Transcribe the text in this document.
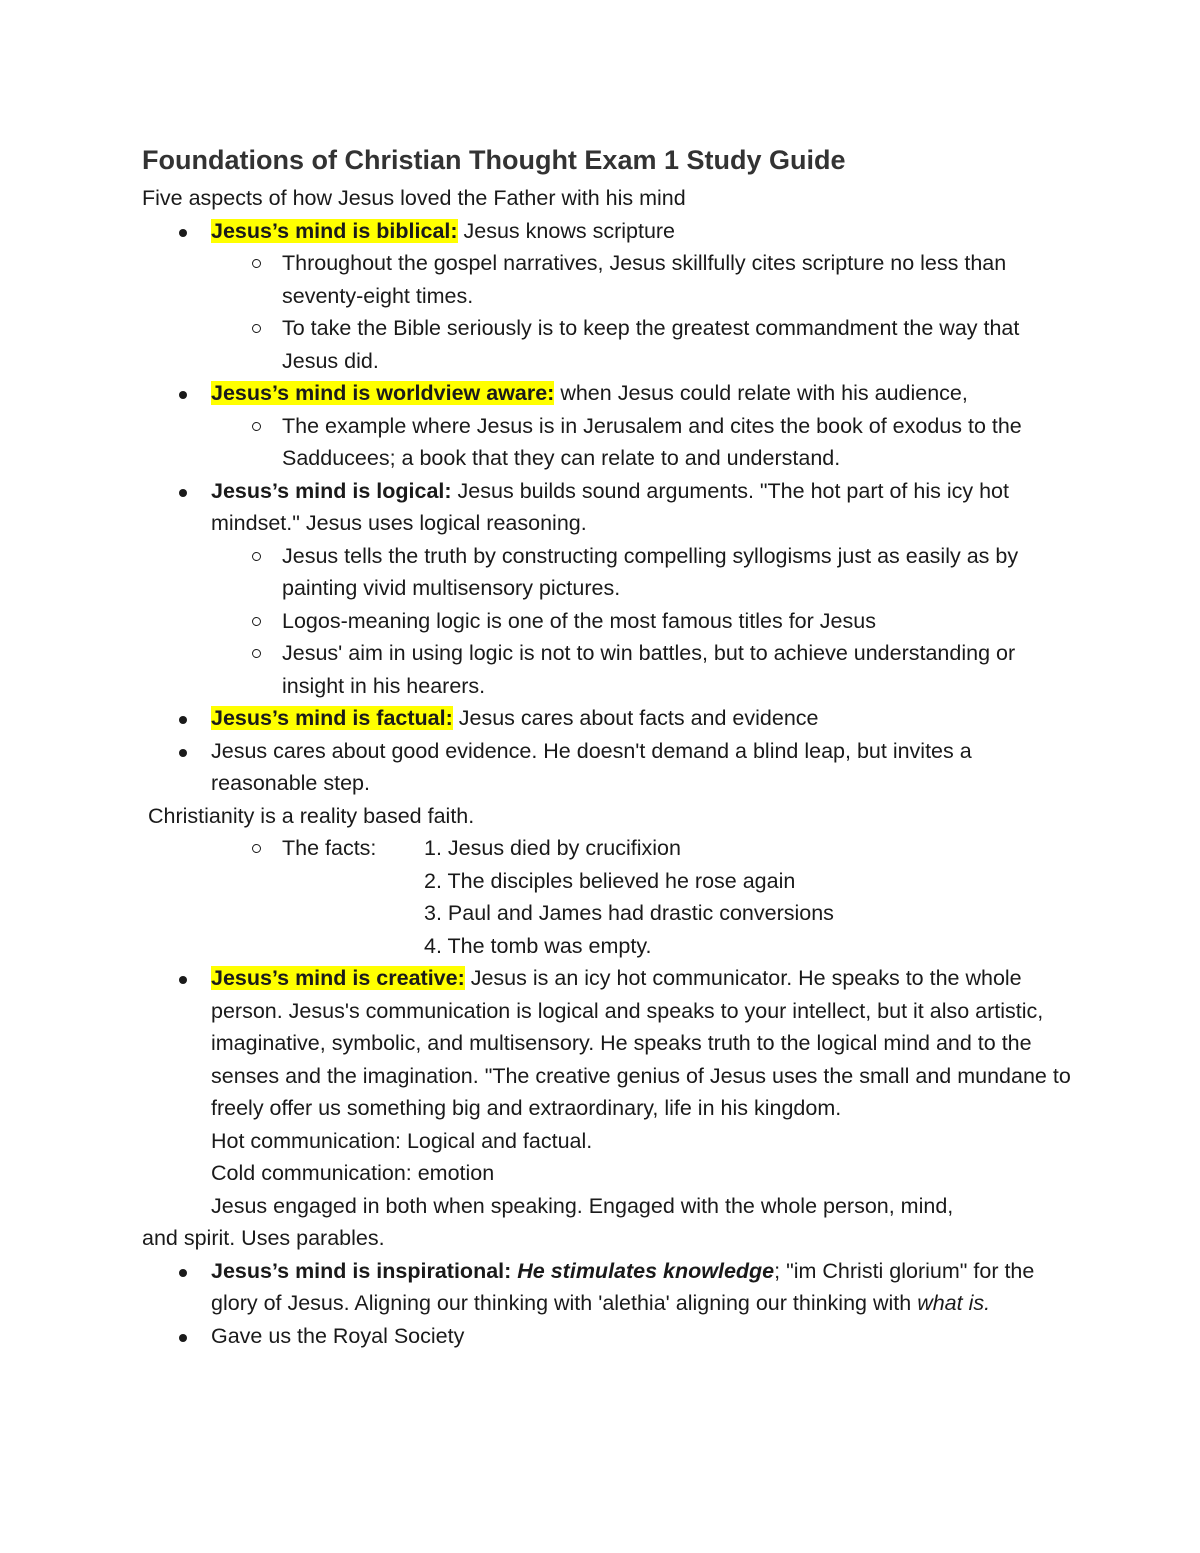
Foundations of Christian Thought Exam 1 Study Guide

Five aspects of how Jesus loved the Father with his mind

Jesus’s mind is biblical: Jesus knows scripture
Throughout the gospel narratives, Jesus skillfully cites scripture no less than seventy-eight times.
To take the Bible seriously is to keep the greatest commandment the way that Jesus did.
Jesus’s mind is worldview aware: when Jesus could relate with his audience,
The example where Jesus is in Jerusalem and cites the book of exodus to the Sadducees; a book that they can relate to and understand.
Jesus’s mind is logical: Jesus builds sound arguments. "The hot part of his icy hot mindset." Jesus uses logical reasoning.
Jesus tells the truth by constructing compelling syllogisms just as easily as by painting vivid multisensory pictures.
Logos-meaning logic is one of the most famous titles for Jesus
Jesus' aim in using logic is not to win battles, but to achieve understanding or insight in his hearers.
Jesus’s mind is factual: Jesus cares about facts and evidence
Jesus cares about good evidence. He doesn't demand a blind leap, but invites a reasonable step.

Christianity is a reality based faith.

The facts:	1. Jesus died by crucifixion
2. The disciples believed he rose again
3. Paul and James had drastic conversions
4. The tomb was empty.
Jesus’s mind is creative: Jesus is an icy hot communicator. He speaks to the whole person. Jesus's communication is logical and speaks to your intellect, but it also artistic, imaginative, symbolic, and multisensory. He speaks truth to the logical mind and to the senses and the imagination. "The creative genius of Jesus uses the small and mundane to freely offer us something big and extraordinary, life in his kingdom.

Hot communication: Logical and factual.

Cold communication: emotion

Jesus engaged in both when speaking. Engaged with the whole person, mind,

and spirit. Uses parables.

Jesus’s mind is inspirational: He stimulates knowledge; "im Christi glorium" for the glory of Jesus. Aligning our thinking with 'alethia' aligning our thinking with what is.
Gave us the Royal Society
